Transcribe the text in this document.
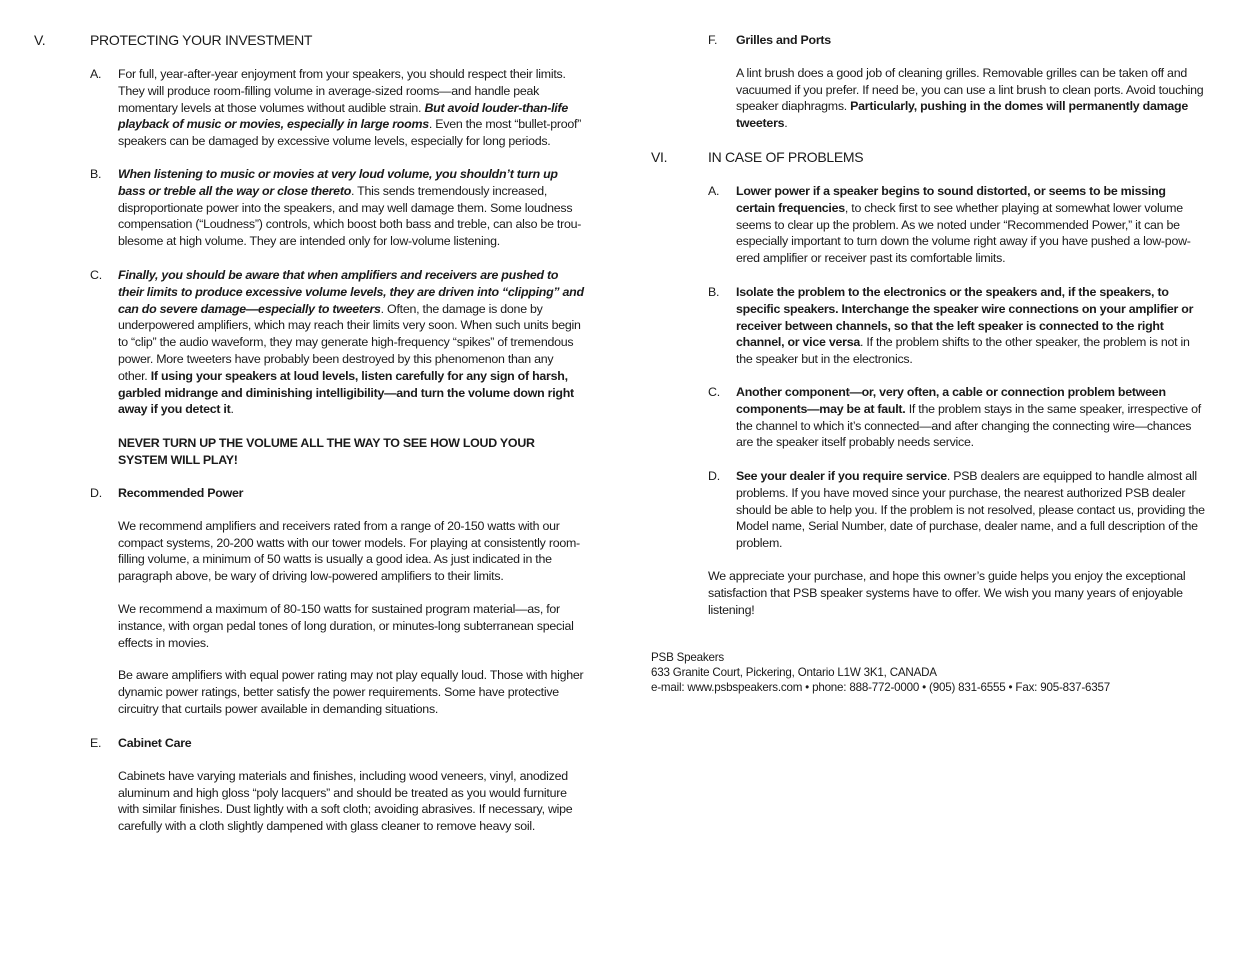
V.	PROTECTING YOUR INVESTMENT
A. For full, year-after-year enjoyment from your speakers, you should respect their limits. They will produce room-filling volume in average-sized rooms—and handle peak momentary levels at those volumes without audible strain. But avoid louder-than-life playback of music or movies, especially in large rooms. Even the most “bullet-proof” speakers can be damaged by excessive volume levels, especially for long periods.

B. When listening to music or movies at very loud volume, you shouldn’t turn up bass or treble all the way or close thereto. This sends tremendously increased, disproportionate power into the speakers, and may well damage them. Some loudness compensation (“Loudness”) controls, which boost both bass and treble, can also be troublesome at high volume. They are intended only for low-volume listening.

C. Finally, you should be aware that when amplifiers and receivers are pushed to their limits to produce excessive volume levels, they are driven into “clipping” and can do severe damage—especially to tweeters. Often, the damage is done by underpowered amplifiers, which may reach their limits very soon. When such units begin to “clip” the audio waveform, they may generate high-frequency “spikes” of tremendous power. More tweeters have probably been destroyed by this phenomenon than any other. If using your speakers at loud levels, listen carefully for any sign of harsh, garbled midrange and diminishing intelligibility—and turn the volume down right away if you detect it.

NEVER TURN UP THE VOLUME ALL THE WAY TO SEE HOW LOUD YOUR SYSTEM WILL PLAY!

D. Recommended Power

We recommend amplifiers and receivers rated from a range of 20-150 watts with our compact systems, 20-200 watts with our tower models. For playing at consistently room-filling volume, a minimum of 50 watts is usually a good idea. As just indicated in the paragraph above, be wary of driving low-powered amplifiers to their limits.

We recommend a maximum of 80-150 watts for sustained program material—as, for instance, with organ pedal tones of long duration, or minutes-long subterranean special effects in movies.

Be aware amplifiers with equal power rating may not play equally loud. Those with higher dynamic power ratings, better satisfy the power requirements. Some have protective circuitry that curtails power available in demanding situations.

E. Cabinet Care

Cabinets have varying materials and finishes, including wood veneers, vinyl, anodized aluminum and high gloss “poly lacquers” and should be treated as you would furniture with similar finishes. Dust lightly with a soft cloth; avoiding abrasives. If necessary, wipe carefully with a cloth slightly dampened with glass cleaner to remove heavy soil.

F. Grilles and Ports

A lint brush does a good job of cleaning grilles. Removable grilles can be taken off and vacuumed if you prefer. If need be, you can use a lint brush to clean ports. Avoid touching speaker diaphragms. Particularly, pushing in the domes will permanently damage tweeters.

VI.	IN CASE OF PROBLEMS
A. Lower power if a speaker begins to sound distorted, or seems to be missing certain frequencies, to check first to see whether playing at somewhat lower volume seems to clear up the problem. As we noted under “Recommended Power,” it can be especially important to turn down the volume right away if you have pushed a low-powered amplifier or receiver past its comfortable limits.

B. Isolate the problem to the electronics or the speakers and, if the speakers, to specific speakers. Interchange the speaker wire connections on your amplifier or receiver between channels, so that the left speaker is connected to the right channel, or vice versa. If the problem shifts to the other speaker, the problem is not in the speaker but in the electronics.

C. Another component—or, very often, a cable or connection problem between components—may be at fault. If the problem stays in the same speaker, irrespective of the channel to which it’s connected—and after changing the connecting wire—chances are the speaker itself probably needs service.

D. See your dealer if you require service. PSB dealers are equipped to handle almost all problems. If you have moved since your purchase, the nearest authorized PSB dealer should be able to help you. If the problem is not resolved, please contact us, providing the Model name, Serial Number, date of purchase, dealer name, and a full description of the problem.

We appreciate your purchase, and hope this owner’s guide helps you enjoy the exceptional satisfaction that PSB speaker systems have to offer. We wish you many years of enjoyable listening!

PSB Speakers
633 Granite Court, Pickering, Ontario L1W 3K1, CANADA
e-mail: www.psbspeakers.com • phone: 888-772-0000 • (905) 831-6555 • Fax: 905-837-6357
